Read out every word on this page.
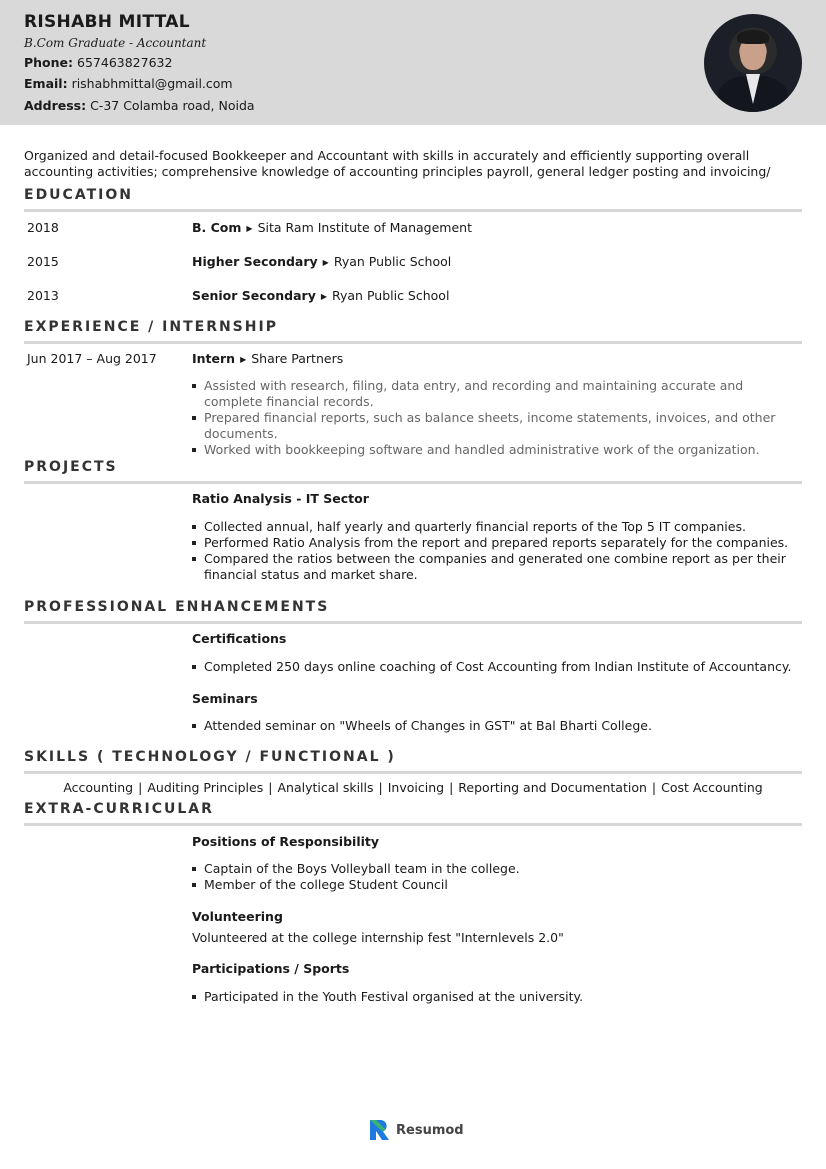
RISHABH MITTAL
B.Com Graduate - Accountant
Phone: 657463827632
Email: rishabhmittal@gmail.com
Address: C-37 Colamba road, Noida
Organized and detail-focused Bookkeeper and Accountant with skills in accurately and efficiently supporting overall accounting activities; comprehensive knowledge of accounting principles payroll, general ledger posting and invoicing/
EDUCATION
2018	B. Com ▶ Sita Ram Institute of Management
2015	Higher Secondary ▶ Ryan Public School
2013	Senior Secondary ▶ Ryan Public School
EXPERIENCE / INTERNSHIP
Jun 2017 – Aug 2017	Intern ▶ Share Partners
Assisted with research, filing, data entry, and recording and maintaining accurate and complete financial records.
Prepared financial reports, such as balance sheets, income statements, invoices, and other documents.
Worked with bookkeeping software and handled administrative work of the organization.
PROJECTS
Ratio Analysis - IT Sector
Collected annual, half yearly and quarterly financial reports of the Top 5 IT companies.
Performed Ratio Analysis from the report and prepared reports separately for the companies.
Compared the ratios between the companies and generated one combine report as per their financial status and market share.
PROFESSIONAL ENHANCEMENTS
Certifications
Completed 250 days online coaching of Cost Accounting from Indian Institute of Accountancy.
Seminars
Attended seminar on "Wheels of Changes in GST" at Bal Bharti College.
SKILLS ( TECHNOLOGY / FUNCTIONAL )
Accounting | Auditing Principles | Analytical skills | Invoicing | Reporting and Documentation | Cost Accounting
EXTRA-CURRICULAR
Positions of Responsibility
Captain of the Boys Volleyball team in the college.
Member of the college Student Council
Volunteering
Volunteered at the college internship fest "Internlevels 2.0"
Participations / Sports
Participated in the Youth Festival organised at the university.
Resumod
